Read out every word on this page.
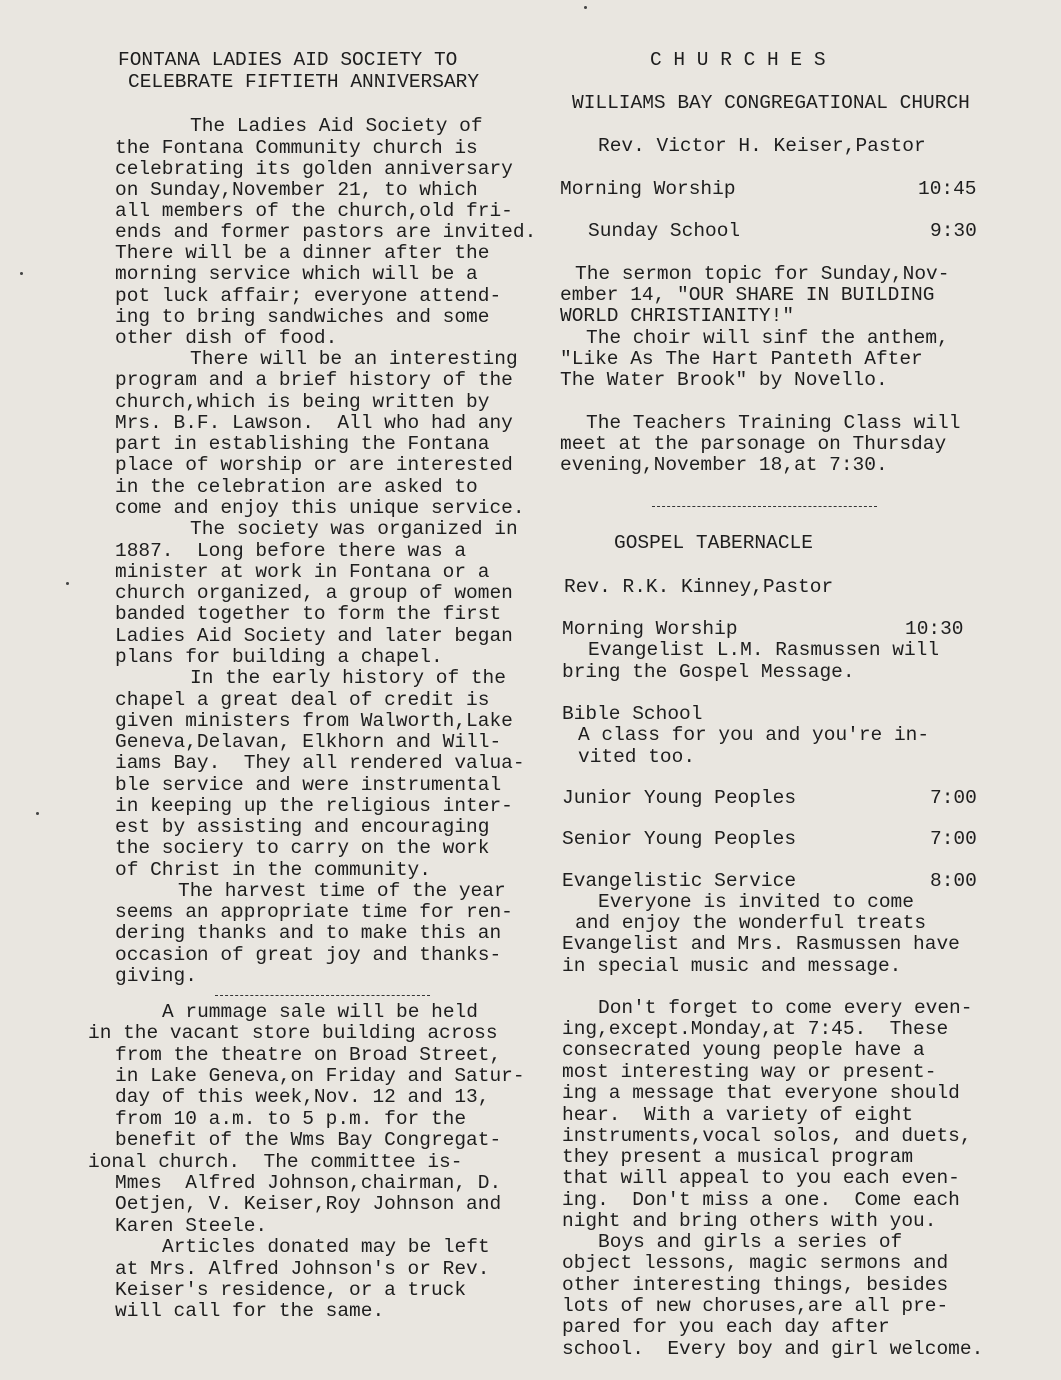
FONTANA LADIES AID SOCIETY TO
CELEBRATE FIFTIETH ANNIVERSARY
The Ladies Aid Society of
the Fontana Community church is
celebrating its golden anniversary
on Sunday,November 21, to which
all members of the church,old fri-
ends and former pastors are invited.
There will be a dinner after the
morning service which will be a
pot luck affair; everyone attend-
ing to bring sandwiches and some
other dish of food.
There will be an interesting
program and a brief history of the
church,which is being written by
Mrs. B.F. Lawson.  All who had any
part in establishing the Fontana
place of worship or are interested
in the celebration are asked to
come and enjoy this unique service.
The society was organized in
1887.  Long before there was a
minister at work in Fontana or a
church organized, a group of women
banded together to form the first
Ladies Aid Society and later began
plans for building a chapel.
In the early history of the
chapel a great deal of credit is
given ministers from Walworth,Lake
Geneva,Delavan, Elkhorn and Will-
iams Bay.  They all rendered valua-
ble service and were instrumental
in keeping up the religious inter-
est by assisting and encouraging
the sociery to carry on the work
of Christ in the community.
The harvest time of the year
seems an appropriate time for ren-
dering thanks and to make this an
occasion of great joy and thanks-
giving.
A rummage sale will be held
in the vacant store building across
from the theatre on Broad Street,
in Lake Geneva,on Friday and Satur-
day of this week,Nov. 12 and 13,
from 10 a.m. to 5 p.m. for the
benefit of the Wms Bay Congregat-
ional church.  The committee is-
Mmes  Alfred Johnson,chairman, D.
Oetjen, V. Keiser,Roy Johnson and
Karen Steele.
Articles donated may be left
at Mrs. Alfred Johnson's or Rev.
Keiser's residence, or a truck
will call for the same.
C H U R C H E S
WILLIAMS BAY CONGREGATIONAL CHURCH
Rev. Victor H. Keiser,Pastor
Morning Worship	10:45
Sunday School	9:30
The sermon topic for Sunday,Nov-
ember 14, "OUR SHARE IN BUILDING
WORLD CHRISTIANITY!"
The choir will sinf the anthem,
"Like As The Hart Panteth After
The Water Brook" by Novello.
The Teachers Training Class will
meet at the parsonage on Thursday
evening,November 18,at 7:30.
GOSPEL TABERNACLE
Rev. R.K. Kinney,Pastor
Morning Worship	10:30
Evangelist L.M. Rasmussen will
bring the Gospel Message.
Bible School
A class for you and you're in-
vited too.
Junior Young Peoples	7:00
Senior Young Peoples	7:00
Evangelistic Service	8:00
Everyone is invited to come
and enjoy the wonderful treats
Evangelist and Mrs. Rasmussen have
in special music and message.
Don't forget to come every even-
ing,except.Monday,at 7:45.  These
consecrated young people have a
most interesting way or present-
ing a message that everyone should
hear.  With a variety of eight
instruments,vocal solos, and duets,
they present a musical program
that will appeal to you each even-
ing.  Don't miss a one.  Come each
night and bring others with you.
Boys and girls a series of
object lessons, magic sermons and
other interesting things, besides
lots of new choruses,are all pre-
pared for you each day after
school.  Every boy and girl welcome.
